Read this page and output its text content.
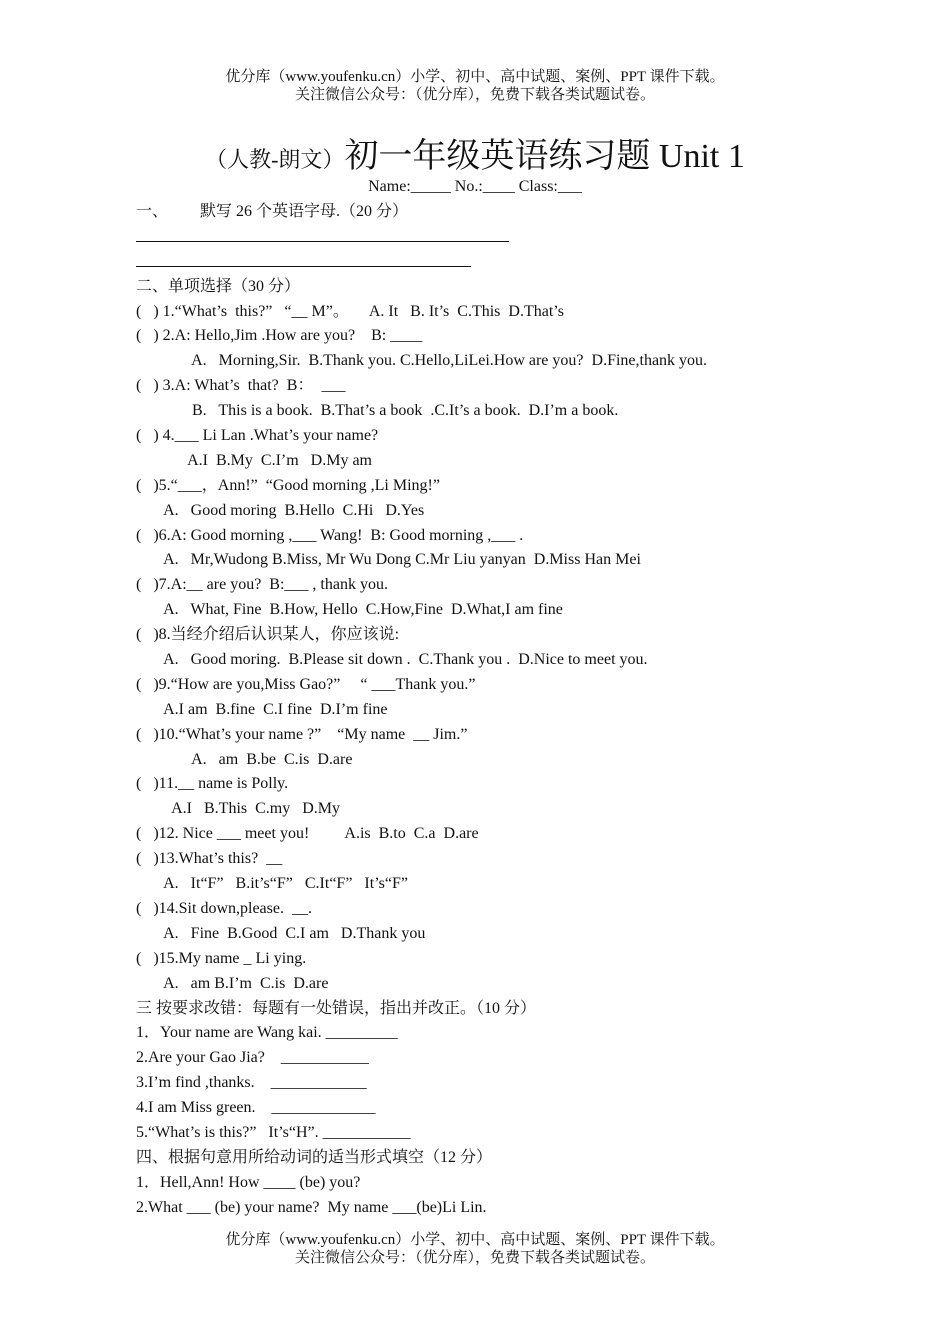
优分库（www.youfenku.cn）小学、初中、高中试题、案例、PPT 课件下载。
关注微信公众号：（优分库），免费下载各类试题试卷。
（人教-朗文）初一年级英语练习题 Unit 1
Name:_____ No.:____ Class:___
一、        默写 26 个英语字母.（20 分）
二、单项选择（30 分）
(   ) 1.“What’s  this?”   “__ M”。     A. It   B. It’s  C.This  D.That’s
(   ) 2.A: Hello,Jim .How are you?    B: ____
A.   Morning,Sir.  B.Thank you. C.Hello,LiLei.How are you?  D.Fine,thank you.
(   ) 3.A: What’s  that?  B：  ___
B.   This is a book.  B.That’s a book  .C.It’s a book.  D.I’m a book.
(   ) 4.___ Li Lan .What’s your name?
A.I  B.My  C.I’m   D.My am
(   )5.“___，Ann!”  “Good morning ,Li Ming!”
A.   Good moring  B.Hello  C.Hi   D.Yes
(   )6.A: Good morning ,___ Wang!  B: Good morning ,___ .
A.   Mr,Wudong B.Miss, Mr Wu Dong C.Mr Liu yanyan  D.Miss Han Mei
(   )7.A:__ are you?  B:___ , thank you.
A.   What, Fine  B.How, Hello  C.How,Fine  D.What,I am fine
(   )8.当经介绍后认识某人，你应该说:
A.   Good moring.  B.Please sit down .  C.Thank you .  D.Nice to meet you.
(   )9.“How are you,Miss Gao?”     “ ___Thank you.”
A.I am  B.fine  C.I fine  D.I’m fine
(   )10.“What’s your name ?”    “My name  __ Jim.”
A.   am  B.be  C.is  D.are
(   )11.__ name is Polly.
A.I   B.This  C.my   D.My
(   )12. Nice ___ meet you!         A.is  B.to  C.a  D.are
(   )13.What’s this?  __
A.   It“F”   B.it’s“F”   C.It“F”   It’s“F”
(   )14.Sit down,please.  __.
A.   Fine  B.Good  C.I am   D.Thank you
(   )15.My name _ Li ying.
A.   am B.I’m  C.is  D.are
三 按要求改错：每题有一处错误，指出并改正。（10 分）
1．Your name are Wang kai. _________
2.Are your Gao Jia?    ___________
3.I’m find ,thanks.    ____________
4.I am Miss green.    _____________
5.“What’s is this?”   It’s“H”. ___________
四、根据句意用所给动词的适当形式填空（12 分）
1．Hell,Ann! How ____ (be) you?
2.What ___ (be) your name?  My name ___(be)Li Lin.
优分库（www.youfenku.cn）小学、初中、高中试题、案例、PPT 课件下载。
关注微信公众号：（优分库），免费下载各类试题试卷。
